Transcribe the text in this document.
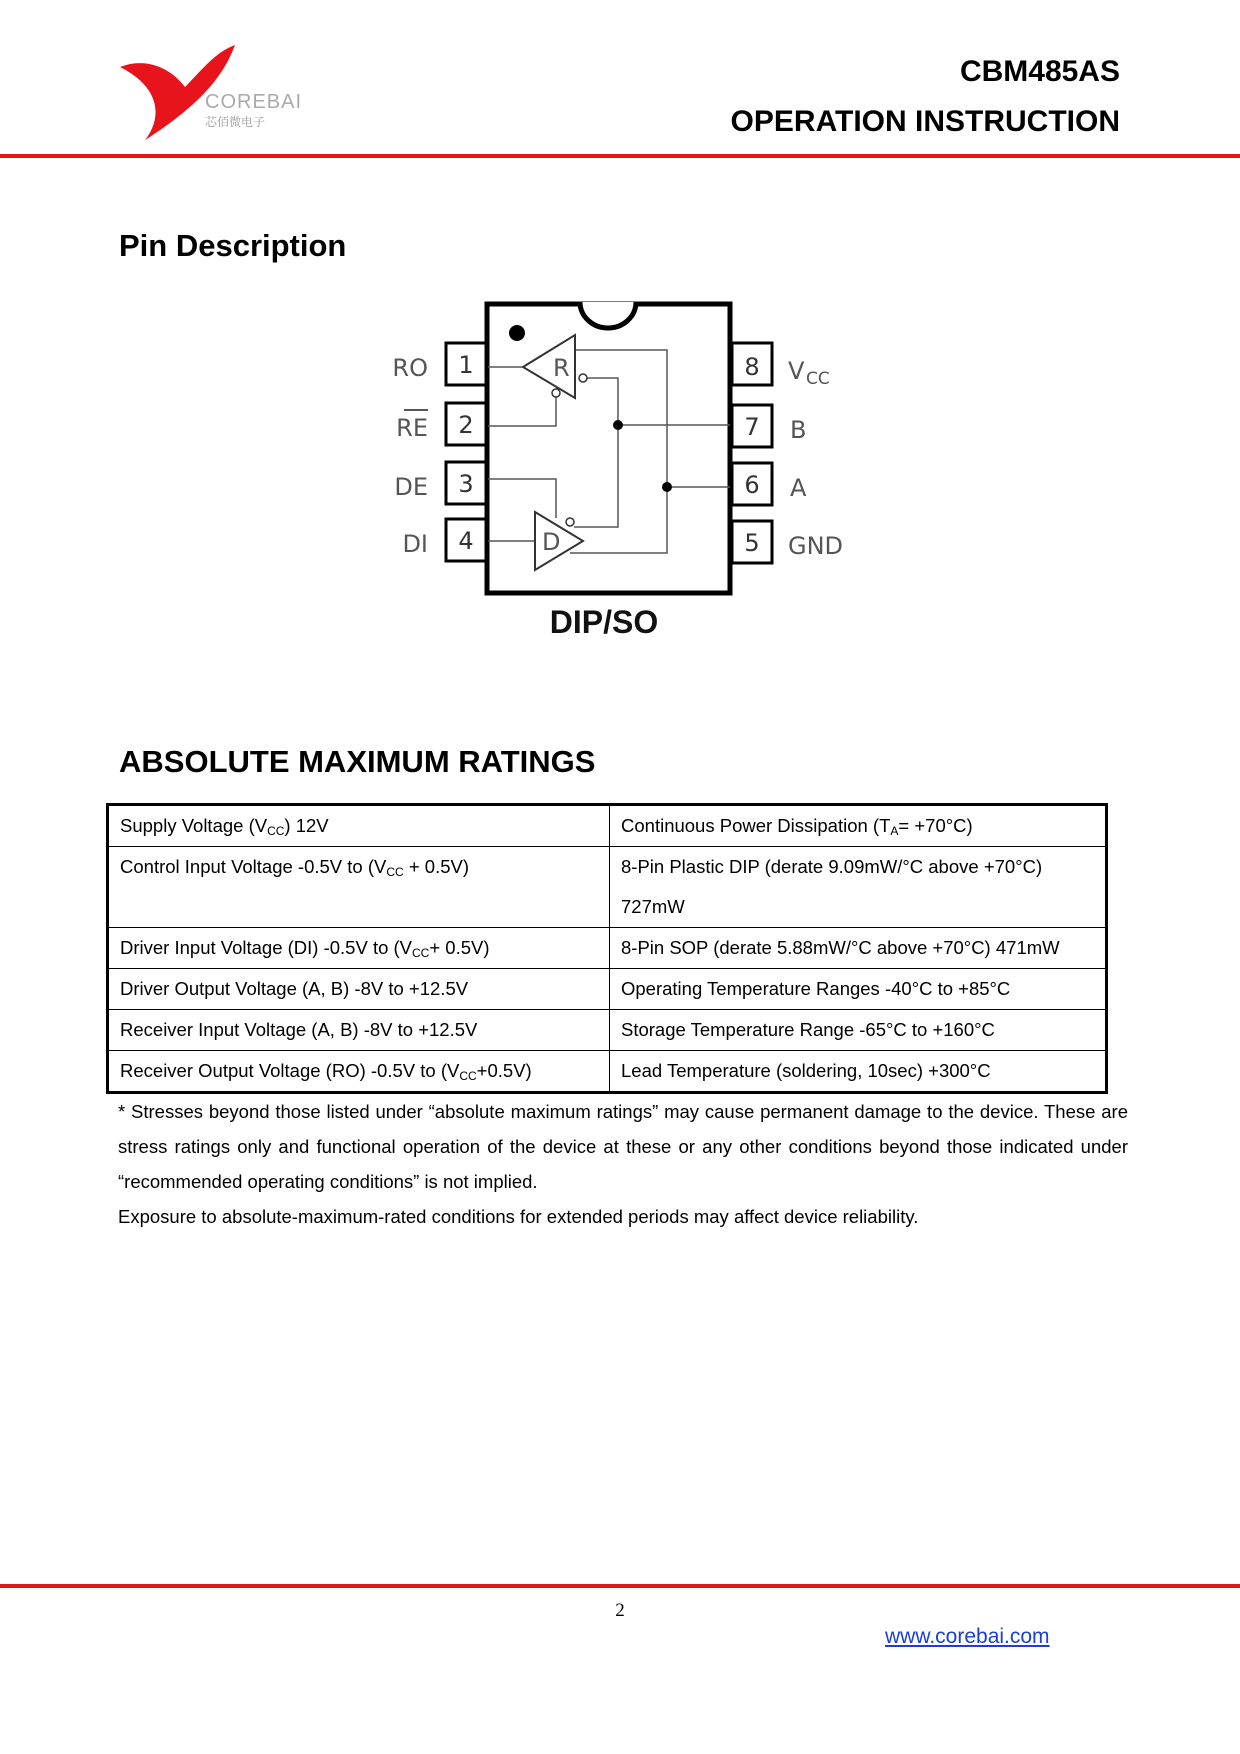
COREBAI
芯佰微电子
CBM485AS
OPERATION INSTRUCTION
Pin Description
1
2
3
4	5
6
7
8
RO
RE
DE
DI	GND
A
B
V CC
R
D
DIP/SO
ABSOLUTE MAXIMUM RATINGS
Supply Voltage $(V_{CC})$ 12V	Continuous Power Dissipation $(T_A= +70^\circ C)$
Control Input Voltage -0.5V to $(V_{CC} + 0.5V)$	8-Pin Plastic DIP (derate 9.09mW/°C above +70°C)
727mW
Driver Input Voltage (DI) -0.5V to $(V_{CC}+ 0.5V)$	8-Pin SOP (derate 5.88mW/°C above +70°C) 471mW
Driver Output Voltage (A, B) -8V to +12.5V	Operating Temperature Ranges -40°C to +85°C
Receiver Input Voltage (A, B) -8V to +12.5V	Storage Temperature Range -65°C to +160°C
Receiver Output Voltage (RO) -0.5V to $(V_{CC}+0.5V)$	Lead Temperature (soldering, 10sec) +300°C

* Stresses beyond those listed under “absolute maximum ratings” may cause permanent damage to the device. These are stress ratings only and functional operation of the device at these or any other conditions beyond those indicated under “recommended operating conditions” is not implied.

Exposure to absolute-maximum-rated conditions for extended periods may affect device reliability.

2
www.corebai.com
